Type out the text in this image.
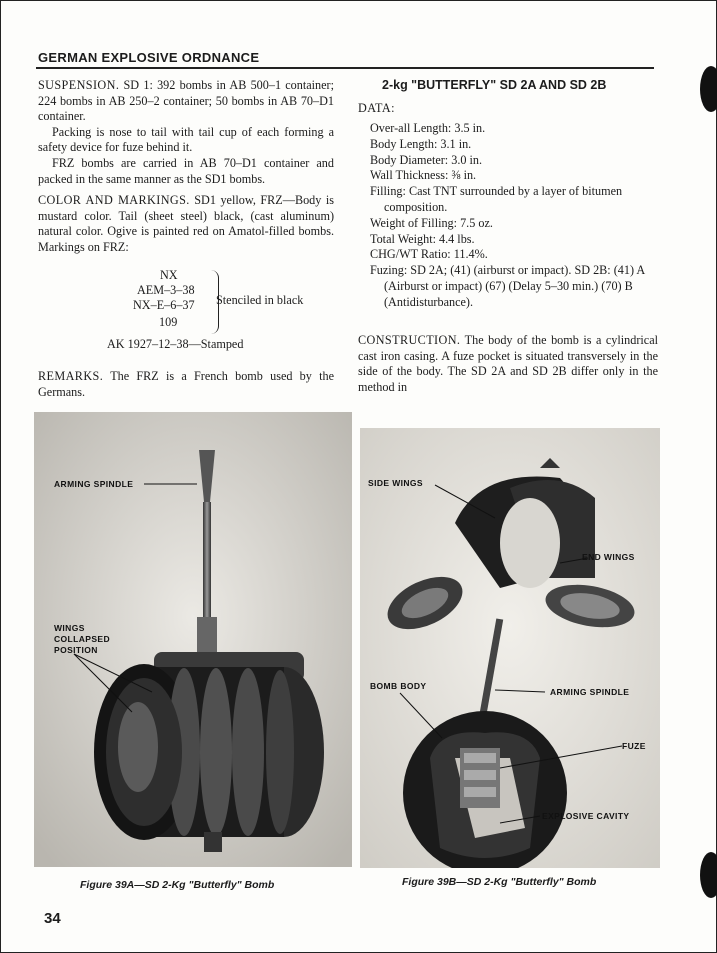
GERMAN EXPLOSIVE ORDNANCE

SUSPENSION. SD 1: 392 bombs in AB 500–1 container; 224 bombs in AB 250–2 container; 50 bombs in AB 70–D1 container.

Packing is nose to tail with tail cup of each forming a safety device for fuze behind it.

FRZ bombs are carried in AB 70–D1 container and packed in the same manner as the SD1 bombs.

COLOR AND MARKINGS. SD1 yellow, FRZ—Body is mustard color. Tail (sheet steel) black, (cast aluminum) natural color. Ogive is painted red on Amatol-filled bombs. Markings on FRZ:

NX
AEM–3–38
NX–E–6–37
109
Stenciled in black
AK 1927–12–38—Stamped
REMARKS. The FRZ is a French bomb used by the Germans.
2-kg "BUTTERFLY" SD 2A AND SD 2B
DATA:
Over-all Length: 3.5 in.
Body Length: 3.1 in.
Body Diameter: 3.0 in.
Wall Thickness: ⅜ in.
Filling: Cast TNT surrounded by a layer of bitumen composition.
Weight of Filling: 7.5 oz.
Total Weight: 4.4 lbs.
CHG/WT Ratio: 11.4%.
Fuzing: SD 2A; (41) (airburst or impact). SD 2B: (41) A (Airburst or impact) (67) (Delay 5–30 min.) (70) B (Antidisturbance).
CONSTRUCTION. The body of the bomb is a cylindrical cast iron casing. A fuze pocket is situated transversely in the side of the body. The SD 2A and SD 2B differ only in the method in
ARMING SPINDLE
WINGS
COLLAPSED
POSITION
Figure 39A—SD 2-Kg "Butterfly" Bomb
SIDE WINGS
END WINGS
BOMB BODY
ARMING SPINDLE
FUZE
EXPLOSIVE CAVITY
Figure 39B—SD 2-Kg "Butterfly" Bomb
34
